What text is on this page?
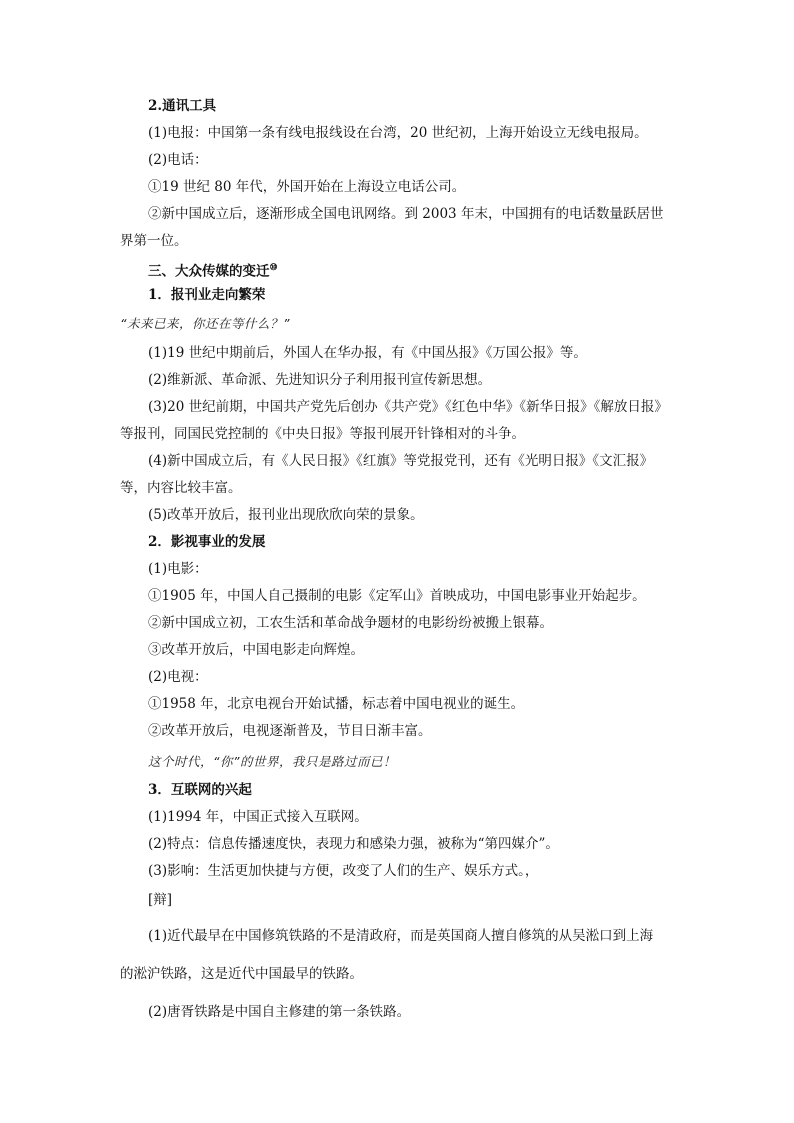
2.通讯工具
(1)电报：中国第一条有线电报线设在台湾，20 世纪初，上海开始设立无线电报局。
(2)电话：
①19 世纪 80 年代，外国开始在上海设立电话公司。
②新中国成立后，逐渐形成全国电讯网络。到 2003 年末，中国拥有的电话数量跃居世
界第一位。
三、大众传媒的变迁⑩
1．报刊业走向繁荣
“未来已来，你还在等什么？”
(1)19 世纪中期前后，外国人在华办报，有《中国丛报》《万国公报》等。
(2)维新派、革命派、先进知识分子利用报刊宣传新思想。
(3)20 世纪前期，中国共产党先后创办《共产党》《红色中华》《新华日报》《解放日报》
等报刊，同国民党控制的《中央日报》等报刊展开针锋相对的斗争。
(4)新中国成立后，有《人民日报》《红旗》等党报党刊，还有《光明日报》《文汇报》
等，内容比较丰富。
(5)改革开放后，报刊业出现欣欣向荣的景象。
2．影视事业的发展
(1)电影：
①1905 年，中国人自己摄制的电影《定军山》首映成功，中国电影事业开始起步。
②新中国成立初，工农生活和革命战争题材的电影纷纷被搬上银幕。
③改革开放后，中国电影走向辉煌。
(2)电视：
①1958 年，北京电视台开始试播，标志着中国电视业的诞生。
②改革开放后，电视逐渐普及，节目日渐丰富。
这个时代，“你”的世界，我只是路过而已！
3．互联网的兴起
(1)1994 年，中国正式接入互联网。
(2)特点：信息传播速度快，表现力和感染力强，被称为“第四媒介”。
(3)影响：生活更加快捷与方便，改变了人们的生产、娱乐方式。，
[辩]
(1)近代最早在中国修筑铁路的不是清政府，而是英国商人擅自修筑的从吴淞口到上海
的淞沪铁路，这是近代中国最早的铁路。
(2)唐胥铁路是中国自主修建的第一条铁路。
